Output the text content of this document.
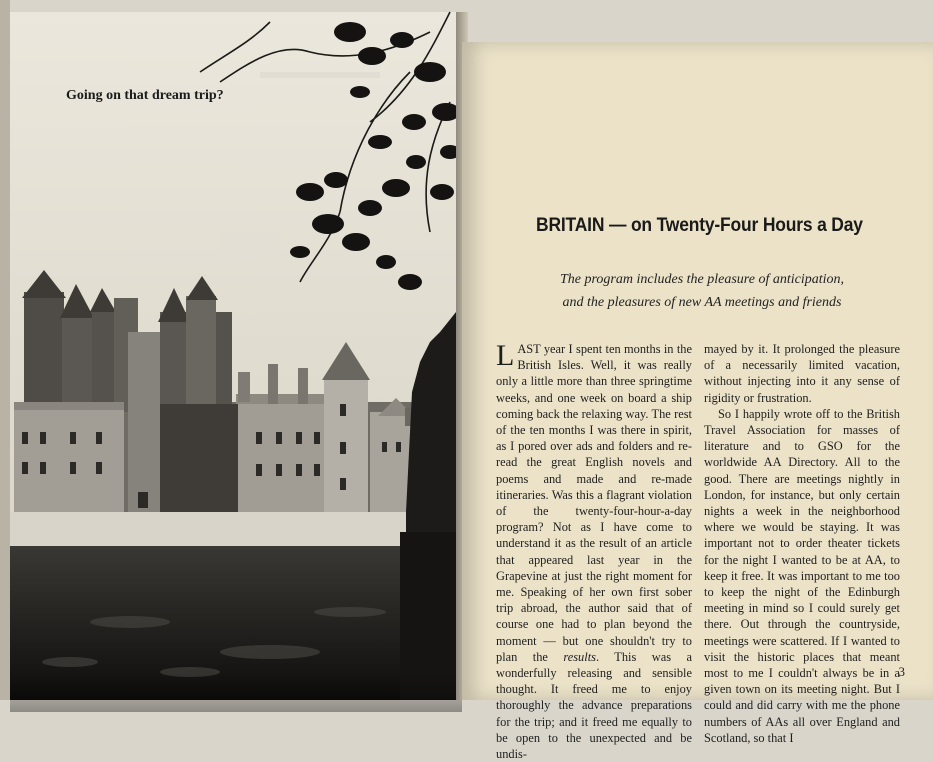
Going on that dream trip?
BRITAIN — on Twenty-Four Hours a Day
The program includes the pleasure of anticipation,
and the pleasures of new AA meetings and friends

LAST year I spent ten months in the British Isles. Well, it was really only a little more than three springtime weeks, and one week on board a ship coming back the relaxing way. The rest of the ten months I was there in spirit, as I pored over ads and folders and re-read the great English novels and poems and made and re-made itineraries. Was this a flagrant violation of the twenty-four-hour-a-day program? Not as I have come to understand it as the result of an article that appeared last year in the Grapevine at just the right moment for me. Speaking of her own first sober trip abroad, the author said that of course one had to plan beyond the moment — but one shouldn't try to plan the results. This was a wonderfully releasing and sensible thought. It freed me to enjoy thoroughly the advance preparations for the trip; and it freed me equally to be open to the unexpected and be undis-

mayed by it. It prolonged the pleasure of a necessarily limited vacation, without injecting into it any sense of rigidity or frustration.

So I happily wrote off to the British Travel Association for masses of literature and to GSO for the worldwide AA Directory. All to the good. There are meetings nightly in London, for instance, but only certain nights a week in the neighborhood where we would be staying. It was important not to order theater tickets for the night I wanted to be at AA, to keep it free. It was important to me too to keep the night of the Edinburgh meeting in mind so I could surely get there. Out through the countryside, meetings were scattered. If I wanted to visit the historic places that meant most to me I couldn't always be in a given town on its meeting night. But I could and did carry with me the phone numbers of AAs all over England and Scotland, so that I

3
